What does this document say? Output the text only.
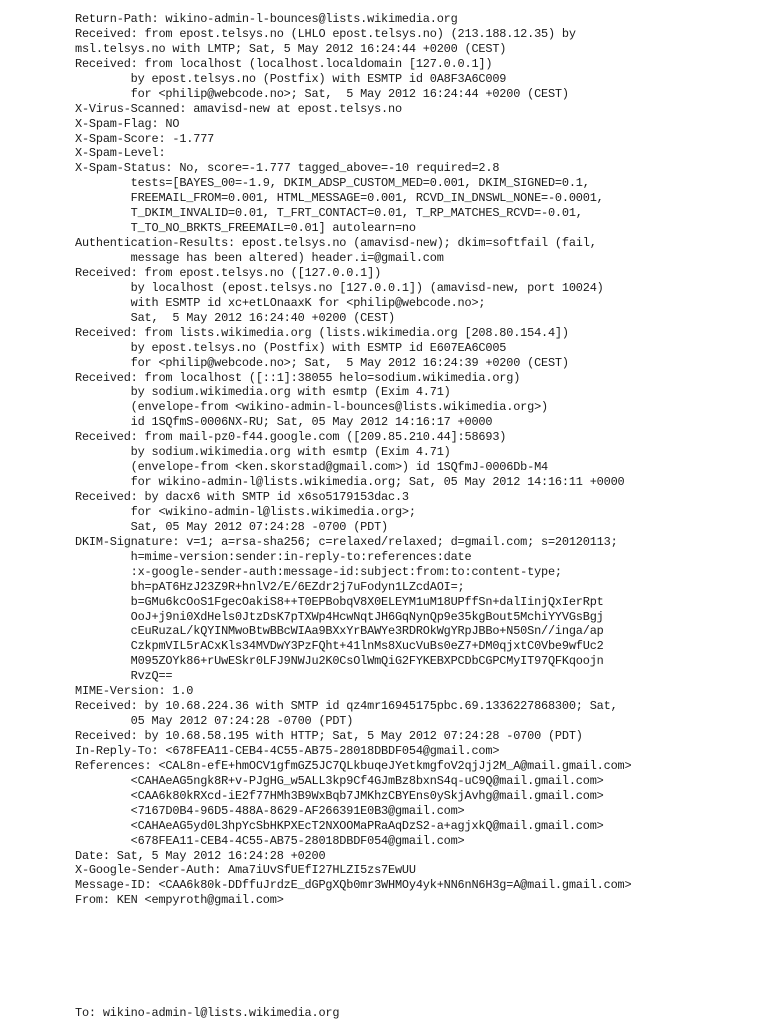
Return-Path: wikino-admin-l-bounces@lists.wikimedia.org
Received: from epost.telsys.no (LHLO epost.telsys.no) (213.188.12.35) by
msl.telsys.no with LMTP; Sat, 5 May 2012 16:24:44 +0200 (CEST)
Received: from localhost (localhost.localdomain [127.0.0.1])
by epost.telsys.no (Postfix) with ESMTP id 0A8F3A6C009
for <philip@webcode.no>; Sat,  5 May 2012 16:24:44 +0200 (CEST)
X-Virus-Scanned: amavisd-new at epost.telsys.no
X-Spam-Flag: NO
X-Spam-Score: -1.777
X-Spam-Level:
X-Spam-Status: No, score=-1.777 tagged_above=-10 required=2.8
tests=[BAYES_00=-1.9, DKIM_ADSP_CUSTOM_MED=0.001, DKIM_SIGNED=0.1,
FREEMAIL_FROM=0.001, HTML_MESSAGE=0.001, RCVD_IN_DNSWL_NONE=-0.0001,
T_DKIM_INVALID=0.01, T_FRT_CONTACT=0.01, T_RP_MATCHES_RCVD=-0.01,
T_TO_NO_BRKTS_FREEMAIL=0.01] autolearn=no
Authentication-Results: epost.telsys.no (amavisd-new); dkim=softfail (fail,
message has been altered) header.i=@gmail.com
Received: from epost.telsys.no ([127.0.0.1])
by localhost (epost.telsys.no [127.0.0.1]) (amavisd-new, port 10024)
with ESMTP id xc+etLOnaaxK for <philip@webcode.no>;
Sat,  5 May 2012 16:24:40 +0200 (CEST)
Received: from lists.wikimedia.org (lists.wikimedia.org [208.80.154.4])
by epost.telsys.no (Postfix) with ESMTP id E607EA6C005
for <philip@webcode.no>; Sat,  5 May 2012 16:24:39 +0200 (CEST)
Received: from localhost ([::1]:38055 helo=sodium.wikimedia.org)
by sodium.wikimedia.org with esmtp (Exim 4.71)
(envelope-from <wikino-admin-l-bounces@lists.wikimedia.org>)
id 1SQfmS-0006NX-RU; Sat, 05 May 2012 14:16:17 +0000
Received: from mail-pz0-f44.google.com ([209.85.210.44]:58693)
by sodium.wikimedia.org with esmtp (Exim 4.71)
(envelope-from <ken.skorstad@gmail.com>) id 1SQfmJ-0006Db-M4
for wikino-admin-l@lists.wikimedia.org; Sat, 05 May 2012 14:16:11 +0000
Received: by dacx6 with SMTP id x6so5179153dac.3
for <wikino-admin-l@lists.wikimedia.org>;
Sat, 05 May 2012 07:24:28 -0700 (PDT)
DKIM-Signature: v=1; a=rsa-sha256; c=relaxed/relaxed; d=gmail.com; s=20120113;
h=mime-version:sender:in-reply-to:references:date
:x-google-sender-auth:message-id:subject:from:to:content-type;
bh=pAT6HzJ23Z9R+hnlV2/E/6EZdr2j7uFodyn1LZcdAOI=;
b=GMu6kcOoS1FgecOakiS8++T0EPBobqV8X0ELEYM1uM18UPffSn+dalIinjQxIerRpt
OoJ+j9ni0XdHels0JtzDsK7pTXWp4HcwNqtJH6GqNynQp9e35kgBout5MchiYYVGsBgj
cEuRuzaL/kQYINMwoBtwBBcWIAa9BXxYrBAWYe3RDROkWgYRpJBBo+N50Sn//inga/ap
CzkpmVIL5rACxKls34MVDwY3PzFQht+41lnMs8XucVuBs0eZ7+DM0qjxtC0Vbe9wfUc2
M095ZOYk86+rUwESkr0LFJ9NWJu2K0CsOlWmQiG2FYKEBXPCDbCGPCMyIT97QFKqoojn
RvzQ==
MIME-Version: 1.0
Received: by 10.68.224.36 with SMTP id qz4mr16945175pbc.69.1336227868300; Sat,
05 May 2012 07:24:28 -0700 (PDT)
Received: by 10.68.58.195 with HTTP; Sat, 5 May 2012 07:24:28 -0700 (PDT)
In-Reply-To: <678FEA11-CEB4-4C55-AB75-28018DBDF054@gmail.com>
References: <CAL8n-efE+hmOCV1gfmGZ5JC7QLkbuqeJYetkmgfoV2qjJj2M_A@mail.gmail.com>
<CAHAeAG5ngk8R+v-PJgHG_w5ALL3kp9Cf4GJmBz8bxnS4q-uC9Q@mail.gmail.com>
<CAA6k80kRXcd-iE2f77HMh3B9WxBqb7JMKhzCBYEns0ySkjAvhg@mail.gmail.com>
<7167D0B4-96D5-488A-8629-AF266391E0B3@gmail.com>
<CAHAeAG5yd0L3hpYcSbHKPXEcT2NXOOMaPRaAqDzS2-a+agjxkQ@mail.gmail.com>
<678FEA11-CEB4-4C55-AB75-28018DBDF054@gmail.com>
Date: Sat, 5 May 2012 16:24:28 +0200
X-Google-Sender-Auth: Ama7iUvSfUEfI27HLZI5zs7EwUU
Message-ID: <CAA6k80k-DDffuJrdzE_dGPgXQb0mr3WHMOy4yk+NN6nN6H3g=A@mail.gmail.com>
From: KEN <empyroth@gmail.com>
To: wikino-admin-l@lists.wikimedia.org
